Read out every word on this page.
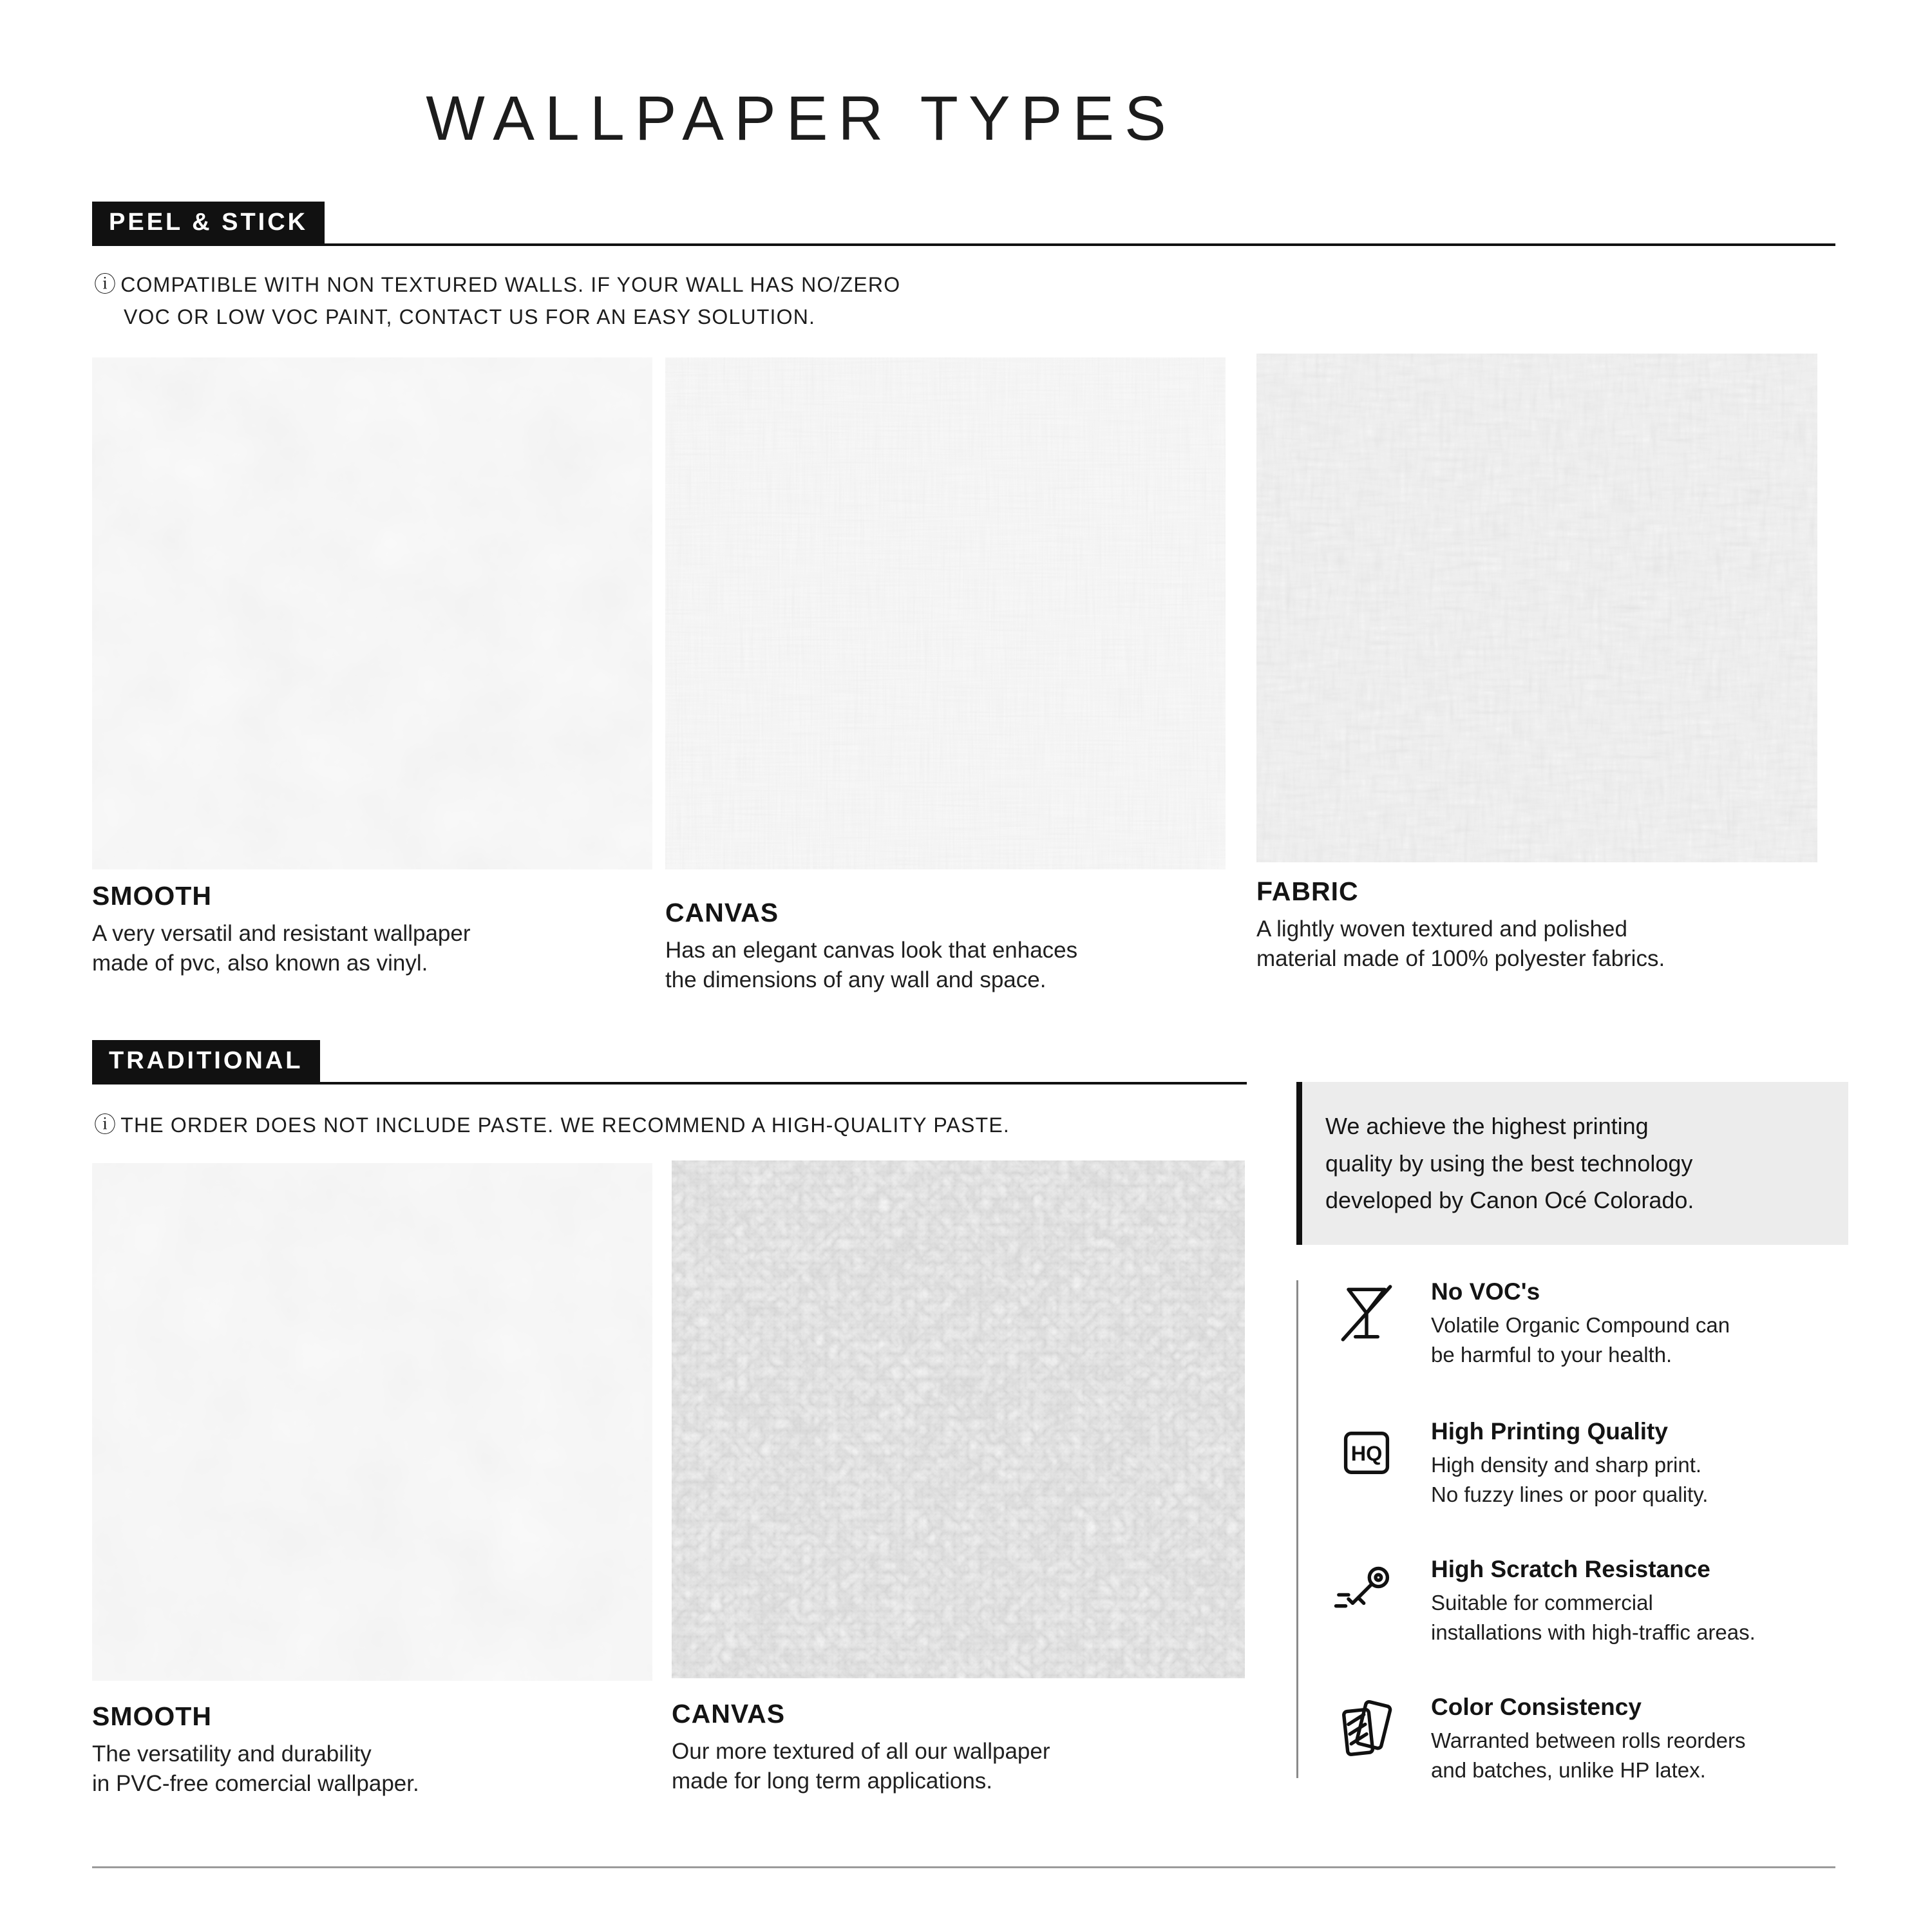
WALLPAPER TYPES
PEEL & STICK
ⓘ COMPATIBLE WITH NON TEXTURED WALLS. IF YOUR WALL HAS NO/ZERO
VOC OR LOW VOC PAINT, CONTACT US FOR AN EASY SOLUTION.
SMOOTH
A very versatil and resistant wallpaper
made of pvc, also known as vinyl.
CANVAS
Has an elegant canvas look that enhaces
the dimensions of any wall and space.
FABRIC
A lightly woven textured and polished
material made of 100% polyester fabrics.
TRADITIONAL
ⓘ THE ORDER DOES NOT INCLUDE PASTE. WE RECOMMEND A HIGH-QUALITY PASTE.
SMOOTH
The versatility and durability
in PVC-free comercial wallpaper.
CANVAS
Our more textured of all our wallpaper
made for long term applications.
We achieve the highest printing
quality by using the best technology
developed by Canon Océ Colorado.
No VOC's
Volatile Organic Compound can
be harmful to your health.
HQ
High Printing Quality
High density and sharp print.
No fuzzy lines or poor quality.
High Scratch Resistance
Suitable for commercial
installations with high-traffic areas.
Color Consistency
Warranted between rolls reorders
and batches, unlike HP latex.
